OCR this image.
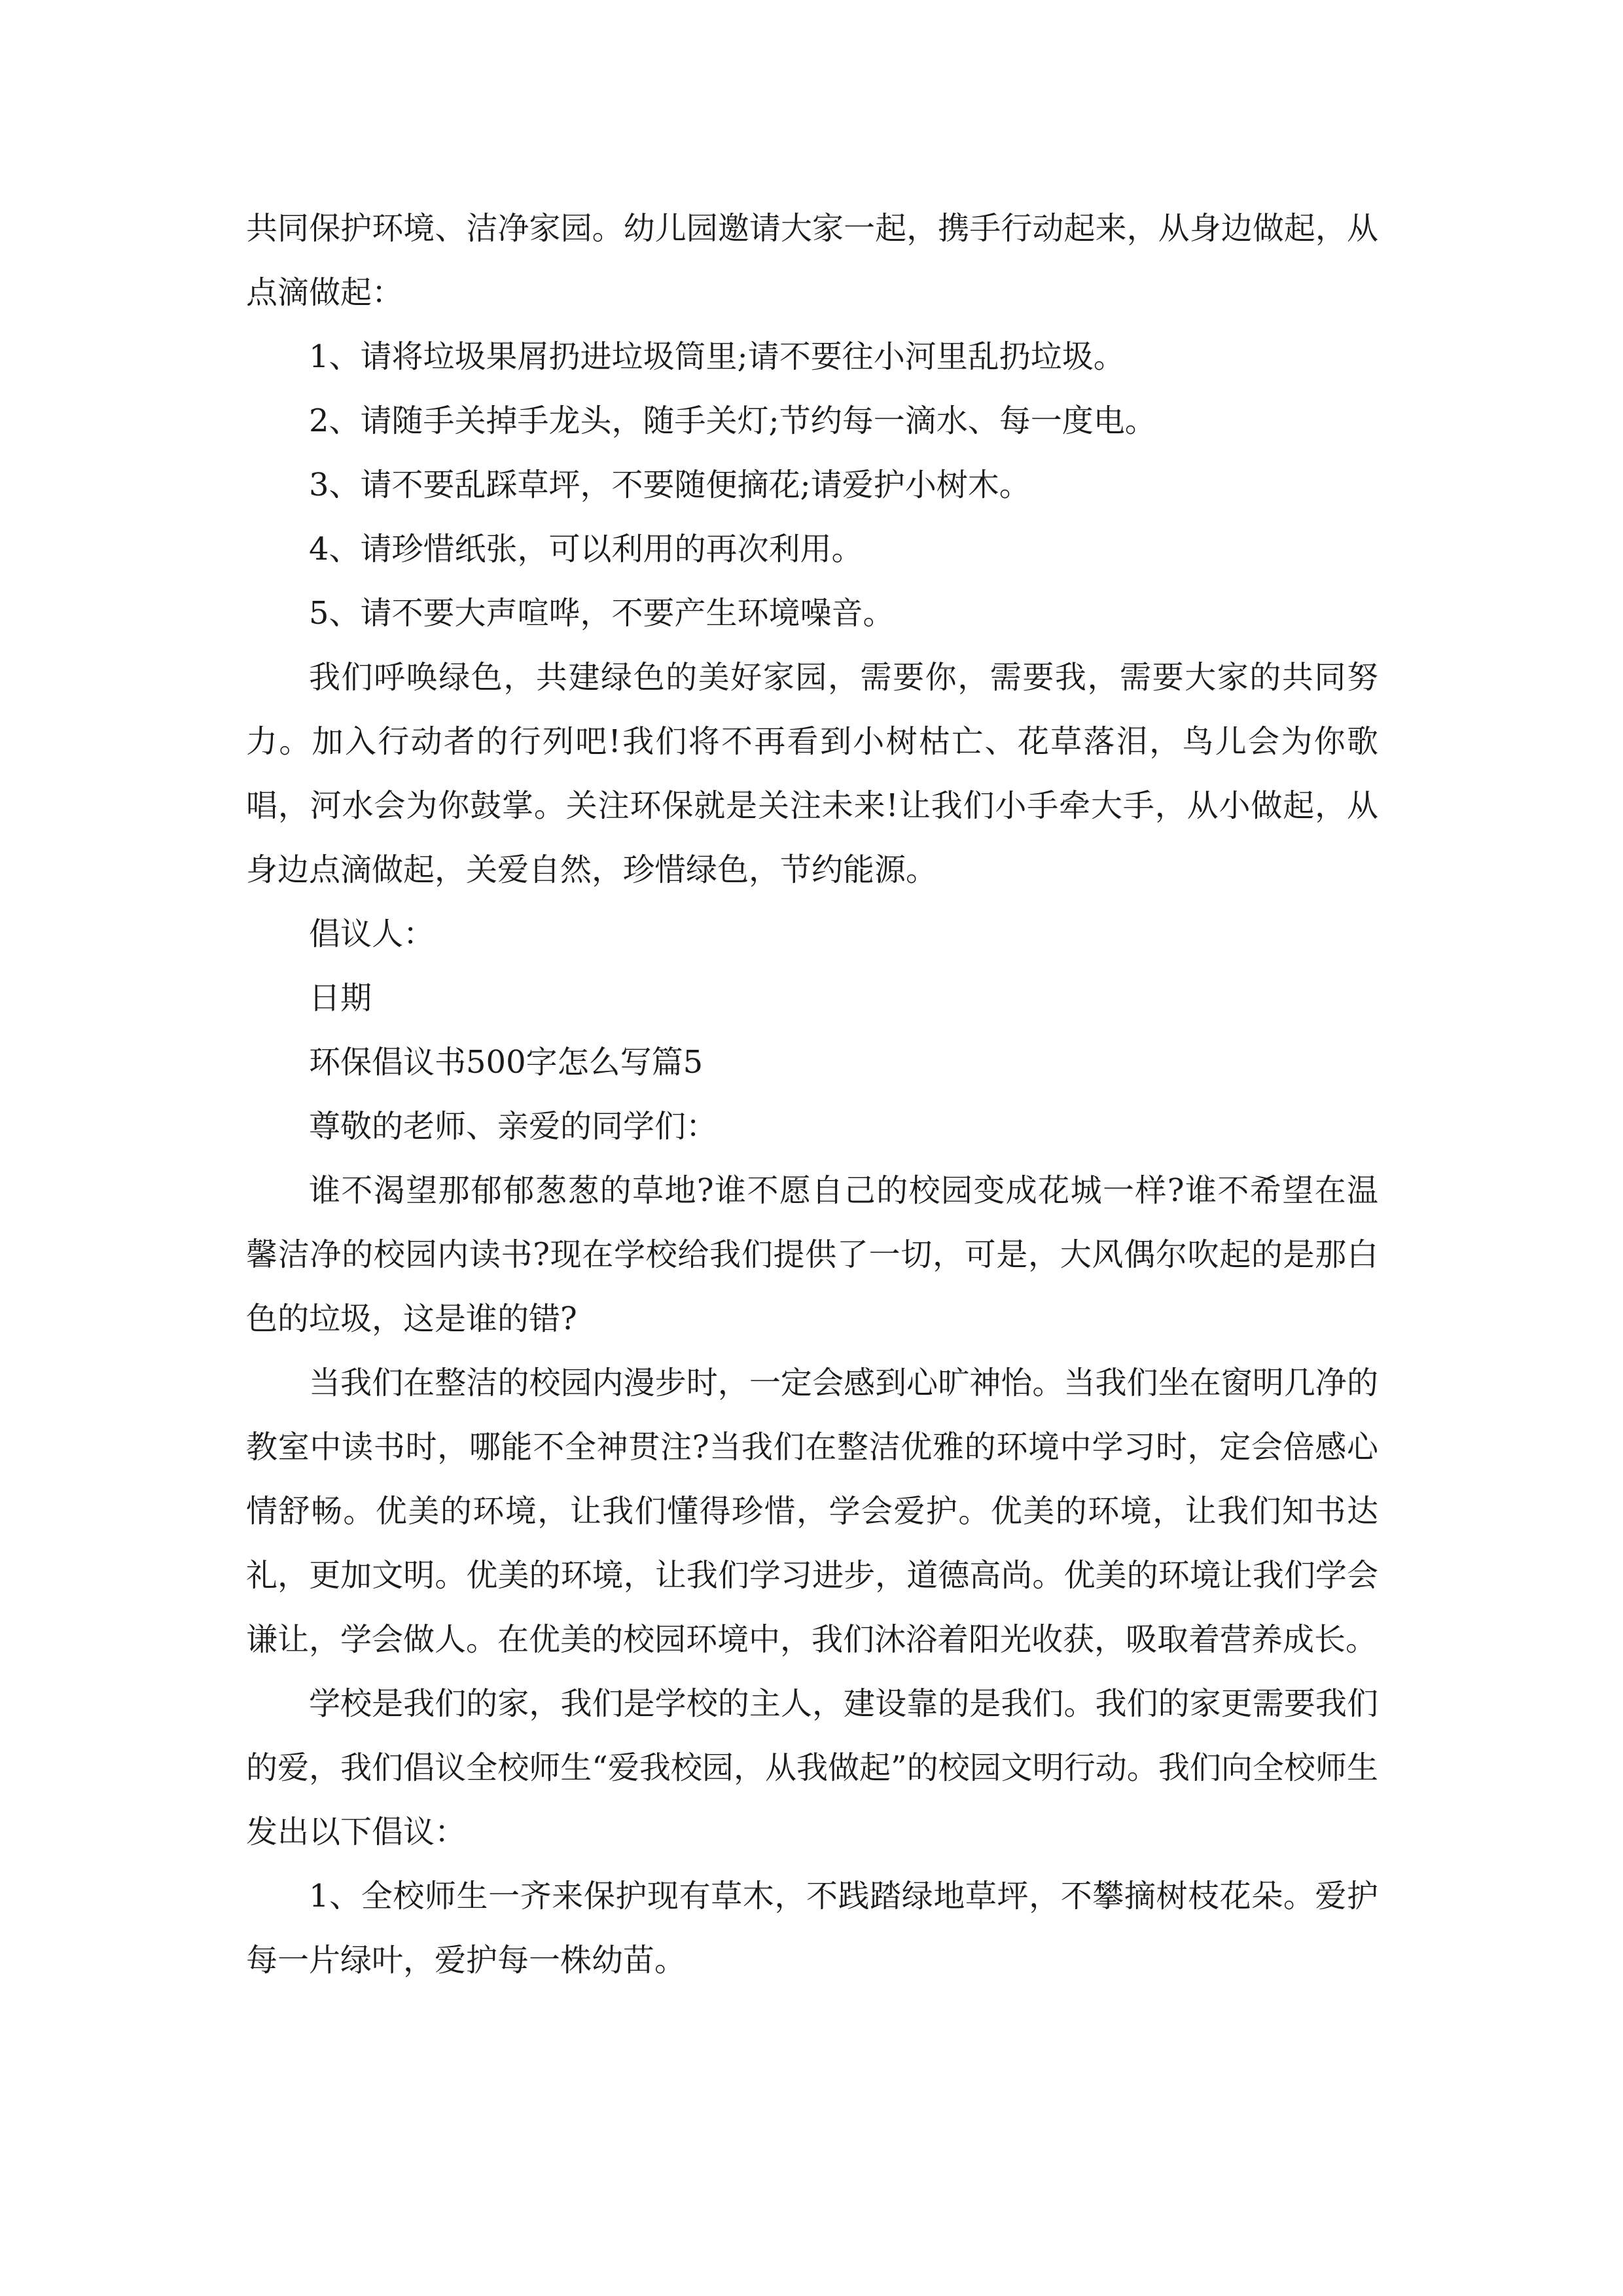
共同保护环境、洁净家园。幼儿园邀请大家一起，携手行动起来，从身边做起，从点滴做起：

1、请将垃圾果屑扔进垃圾筒里;请不要往小河里乱扔垃圾。

2、请随手关掉手龙头，随手关灯;节约每一滴水、每一度电。

3、请不要乱踩草坪，不要随便摘花;请爱护小树木。

4、请珍惜纸张，可以利用的再次利用。

5、请不要大声喧哗，不要产生环境噪音。

我们呼唤绿色，共建绿色的美好家园，需要你，需要我，需要大家的共同努力。加入行动者的行列吧!我们将不再看到小树枯亡、花草落泪，鸟儿会为你歌唱，河水会为你鼓掌。关注环保就是关注未来!让我们小手牵大手，从小做起，从身边点滴做起，关爱自然，珍惜绿色，节约能源。

倡议人：

日期

环保倡议书500字怎么写篇5

尊敬的老师、亲爱的同学们：

谁不渴望那郁郁葱葱的草地?谁不愿自己的校园变成花城一样?谁不希望在温馨洁净的校园内读书?现在学校给我们提供了一切，可是，大风偶尔吹起的是那白色的垃圾，这是谁的错?

当我们在整洁的校园内漫步时，一定会感到心旷神怡。当我们坐在窗明几净的教室中读书时，哪能不全神贯注?当我们在整洁优雅的环境中学习时，定会倍感心情舒畅。优美的环境，让我们懂得珍惜，学会爱护。优美的环境，让我们知书达礼，更加文明。优美的环境，让我们学习进步，道德高尚。优美的环境让我们学会谦让，学会做人。在优美的校园环境中，我们沐浴着阳光收获，吸取着营养成长。

学校是我们的家，我们是学校的主人，建设靠的是我们。我们的家更需要我们的爱，我们倡议全校师生“爱我校园，从我做起”的校园文明行动。我们向全校师生发出以下倡议：

1、全校师生一齐来保护现有草木，不践踏绿地草坪，不攀摘树枝花朵。爱护每一片绿叶，爱护每一株幼苗。
